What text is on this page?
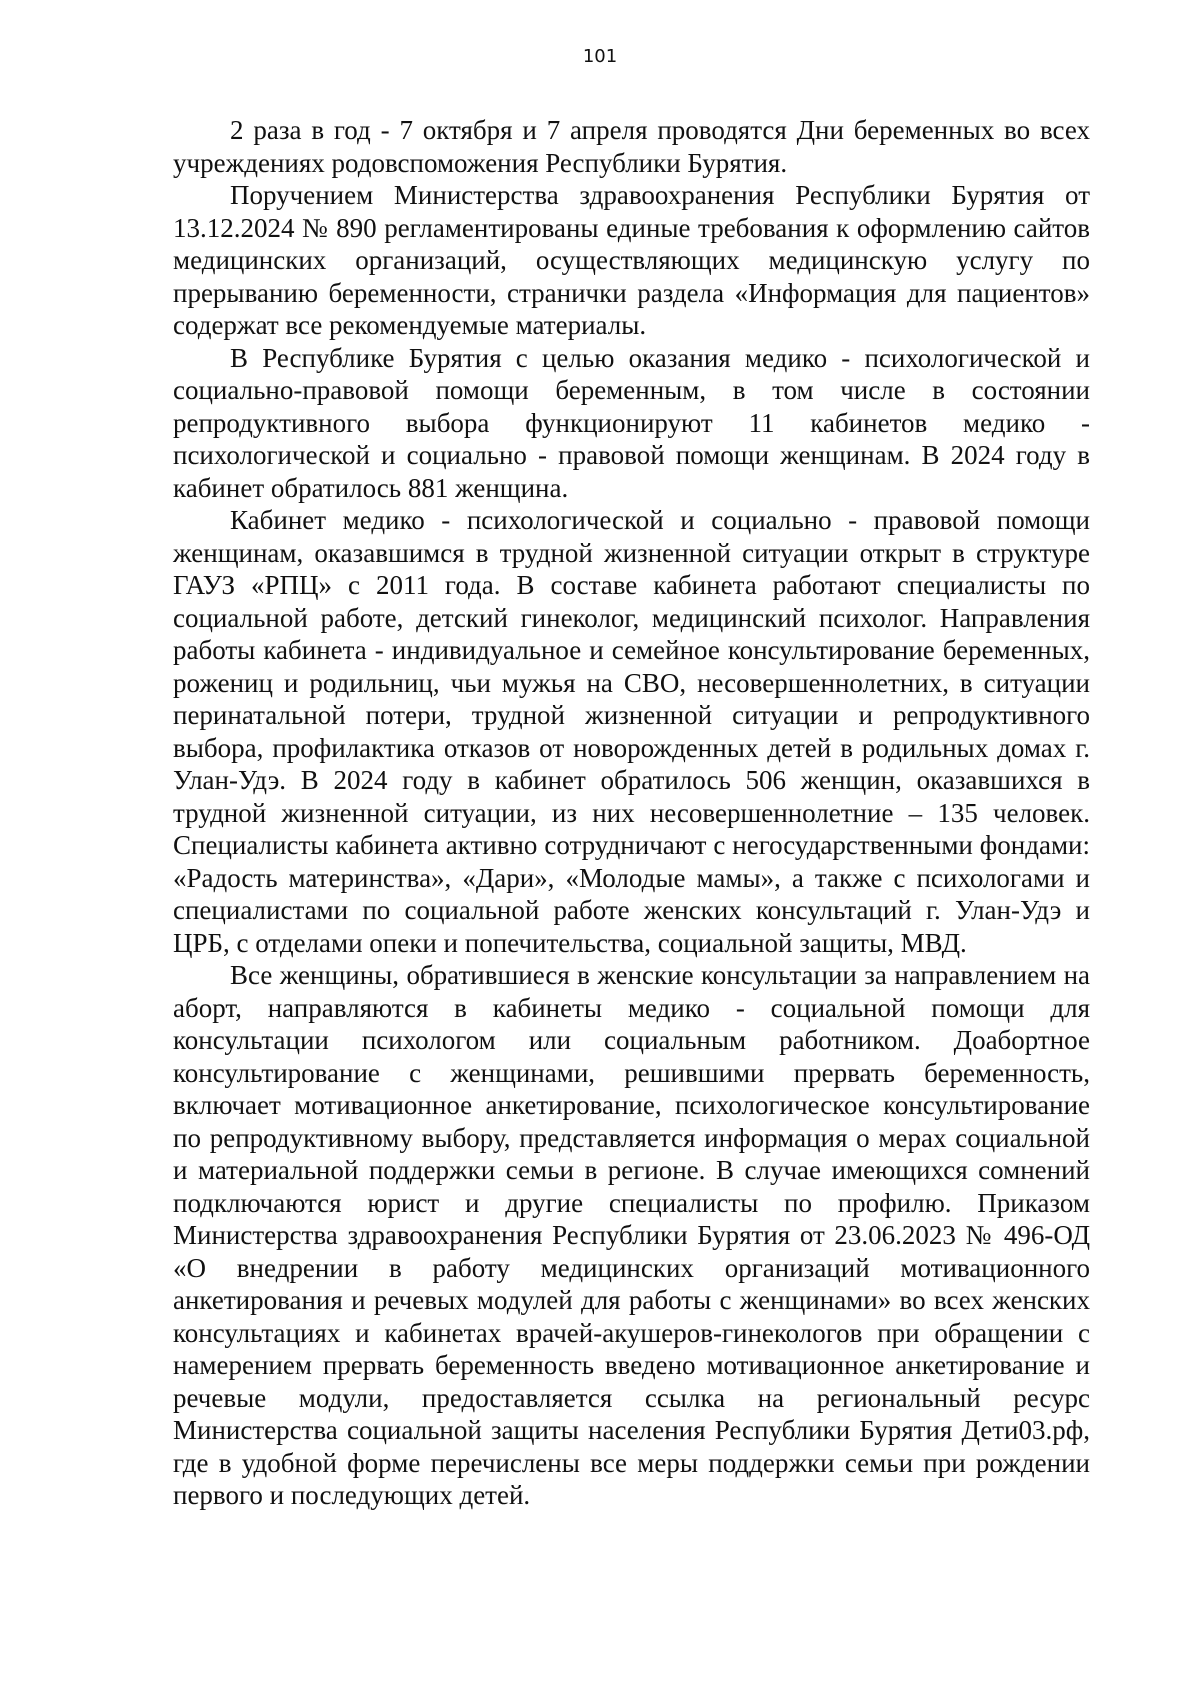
101

2 раза в год - 7 октября и 7 апреля проводятся Дни беременных во всех учреждениях родовспоможения Республики Бурятия.

Поручением Министерства здравоохранения Республики Бурятия от 13.12.2024 № 890 регламентированы единые требования к оформлению сайтов медицинских организаций, осуществляющих медицинскую услугу по прерыванию беременности, странички раздела «Информация для пациентов» содержат все рекомендуемые материалы.

В Республике Бурятия с целью оказания медико - психологической и социально-правовой помощи беременным, в том числе в состоянии репродуктивного выбора функционируют 11 кабинетов медико - психологической и социально - правовой помощи женщинам. В 2024 году в кабинет обратилось 881 женщина.

Кабинет медико - психологической и социально - правовой помощи женщинам, оказавшимся в трудной жизненной ситуации открыт в структуре ГАУЗ «РПЦ» с 2011 года. В составе кабинета работают специалисты по социальной работе, детский гинеколог, медицинский психолог. Направления работы кабинета - индивидуальное и семейное консультирование беременных, рожениц и родильниц, чьи мужья на СВО, несовершеннолетних, в ситуации перинатальной потери, трудной жизненной ситуации и репродуктивного выбора, профилактика отказов от новорожденных детей в родильных домах г. Улан-Удэ. В 2024 году в кабинет обратилось 506 женщин, оказавшихся в трудной жизненной ситуации, из них несовершеннолетние – 135 человек. Специалисты кабинета активно сотрудничают с негосударственными фондами: «Радость материнства», «Дари», «Молодые мамы», а также с психологами и специалистами по социальной работе женских консультаций г. Улан-Удэ и ЦРБ, с отделами опеки и попечительства, социальной защиты, МВД.

Все женщины, обратившиеся в женские консультации за направлением на аборт, направляются в кабинеты медико - социальной помощи для консультации психологом или социальным работником. Доабортное консультирование с женщинами, решившими прервать беременность, включает мотивационное анкетирование, психологическое консультирование по репродуктивному выбору, представляется информация о мерах социальной и материальной поддержки семьи в регионе. В случае имеющихся сомнений подключаются юрист и другие специалисты по профилю. Приказом Министерства здравоохранения Республики Бурятия от 23.06.2023 № 496-ОД «О внедрении в работу медицинских организаций мотивационного анкетирования и речевых модулей для работы с женщинами» во всех женских консультациях и кабинетах врачей-акушеров-гинекологов при обращении с намерением прервать беременность введено мотивационное анкетирование и речевые модули, предоставляется ссылка на региональный ресурс Министерства социальной защиты населения Республики Бурятия Дети03.рф, где в удобной форме перечислены все меры поддержки семьи при рождении первого и последующих детей.
